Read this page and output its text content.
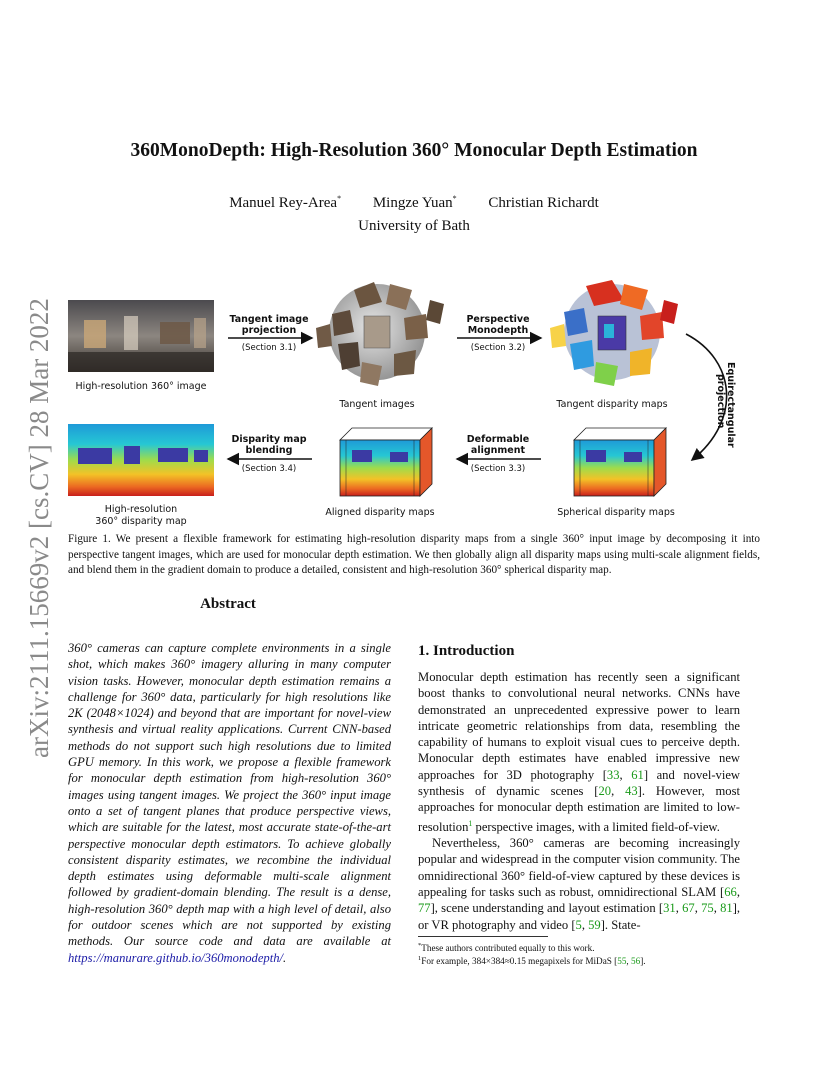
arXiv:2111.15669v2 [cs.CV] 28 Mar 2022
360MonoDepth: High-Resolution 360° Monocular Depth Estimation
Manuel Rey-Area* Mingze Yuan* Christian Richardt
University of Bath
High-resolution 360° image
Tangent image
projection
(Section 3.1)
Tangent images
Perspective
Monodepth
(Section 3.2)
Tangent disparity maps	Equirectangular
projection
Spherical disparity maps
Deformable
alignment
(Section 3.3)
Aligned disparity maps
Disparity map
blending
(Section 3.4)
High-resolution
360° disparity map
Figure 1. We present a flexible framework for estimating high-resolution disparity maps from a single 360° input image by decomposing it into perspective tangent images, which are used for monocular depth estimation. We then globally align all disparity maps using multi-scale alignment fields, and blend them in the gradient domain to produce a detailed, consistent and high-resolution 360° spherical disparity map.
Abstract
360° cameras can capture complete environments in a single shot, which makes 360° imagery alluring in many computer vision tasks. However, monocular depth estimation remains a challenge for 360° data, particularly for high resolutions like 2K (2048×1024) and beyond that are important for novel-view synthesis and virtual reality applications. Current CNN-based methods do not support such high resolutions due to limited GPU memory. In this work, we propose a flexible framework for monocular depth estimation from high-resolution 360° images using tangent images. We project the 360° input image onto a set of tangent planes that produce perspective views, which are suitable for the latest, most accurate state-of-the-art perspective monocular depth estimators. To achieve globally consistent disparity estimates, we recombine the individual depth estimates using deformable multi-scale alignment followed by gradient-domain blending. The result is a dense, high-resolution 360° depth map with a high level of detail, also for outdoor scenes which are not supported by existing methods. Our source code and data are available at https://manurare.github.io/360monodepth/.
1. Introduction

Monocular depth estimation has recently seen a significant boost thanks to convolutional neural networks. CNNs have demonstrated an unprecedented expressive power to learn intricate geometric relationships from data, resembling the capability of humans to exploit visual cues to perceive depth. Monocular depth estimates have enabled impressive new approaches for 3D photography [33, 61] and novel-view synthesis of dynamic scenes [20, 43]. However, most approaches for monocular depth estimation are limited to low-resolution$^1$ perspective images, with a limited field-of-view.

Nevertheless, 360° cameras are becoming increasingly popular and widespread in the computer vision community. The omnidirectional 360° field-of-view captured by these devices is appealing for tasks such as robust, omnidirectional SLAM [66, 77], scene understanding and layout estimation [31, 67, 75, 81], or VR photography and video [5, 59]. State-

*These authors contributed equally to this work.
$^1$For example, 384×384≈0.15 megapixels for MiDaS [55, 56].
